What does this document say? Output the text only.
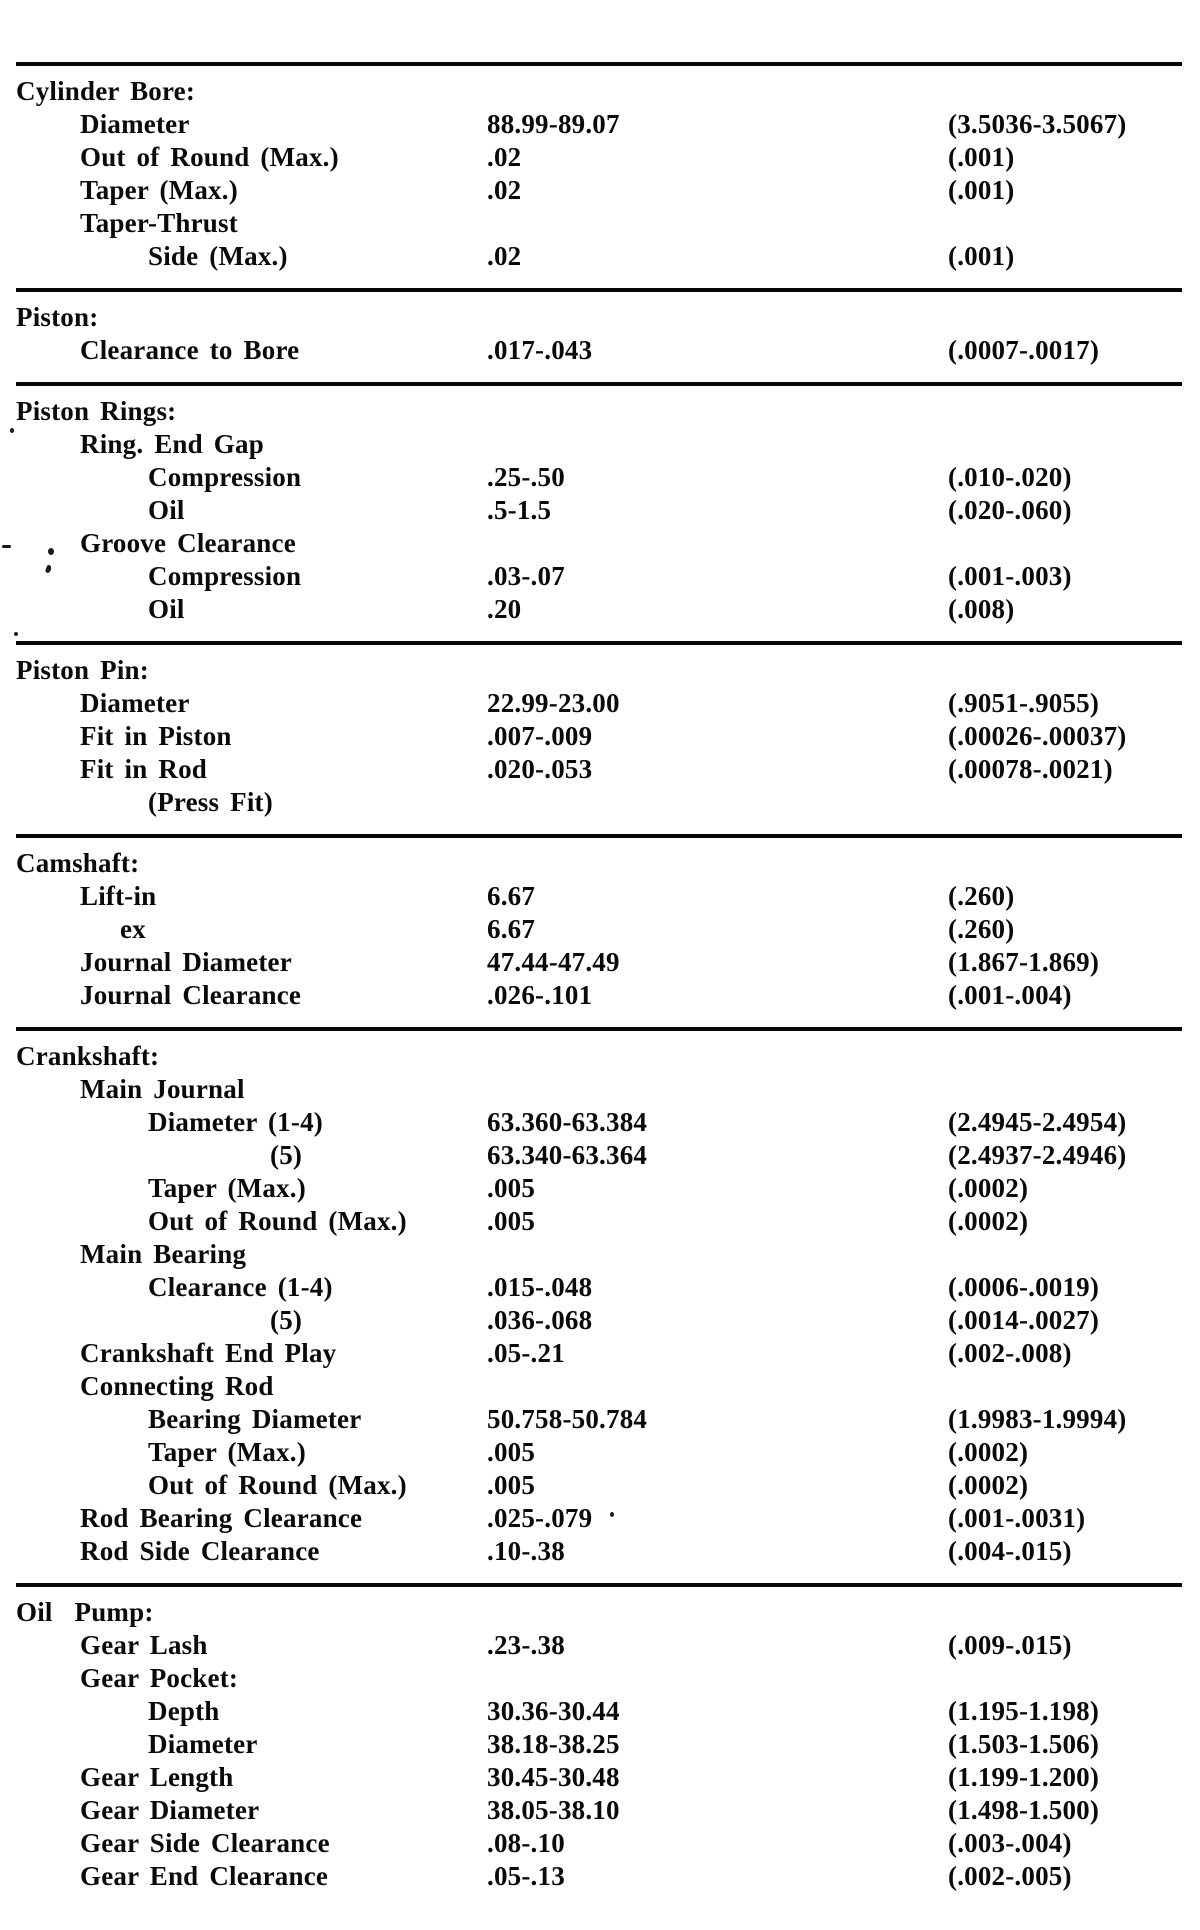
Cylinder Bore:
Diameter	88.99-89.07	(3.5036-3.5067)
Out of Round (Max.)	.02	(.001)
Taper (Max.)	.02	(.001)
Taper-Thrust
Side (Max.)	.02	(.001)
Piston:
Clearance to Bore	.017-.043	(.0007-.0017)
Piston Rings:
Ring. End Gap
Compression	.25-.50	(.010-.020)
Oil	.5-1.5	(.020-.060)
Groove Clearance
Compression	.03-.07	(.001-.003)
Oil	.20	(.008)
Piston Pin:
Diameter	22.99-23.00	(.9051-.9055)
Fit in Piston	.007-.009	(.00026-.00037)
Fit in Rod	.020-.053	(.00078-.0021)
(Press Fit)
Camshaft:
Lift-in	6.67	(.260)
ex	6.67	(.260)
Journal Diameter	47.44-47.49	(1.867-1.869)
Journal Clearance	.026-.101	(.001-.004)
Crankshaft:
Main Journal
Diameter (1-4)	63.360-63.384	(2.4945-2.4954)
(5)	63.340-63.364	(2.4937-2.4946)
Taper (Max.)	.005	(.0002)
Out of Round (Max.)	.005	(.0002)
Main Bearing
Clearance (1-4)	.015-.048	(.0006-.0019)
(5)	.036-.068	(.0014-.0027)
Crankshaft End Play	.05-.21	(.002-.008)
Connecting Rod
Bearing Diameter	50.758-50.784	(1.9983-1.9994)
Taper (Max.)	.005	(.0002)
Out of Round (Max.)	.005	(.0002)
Rod Bearing Clearance	.025-.079	(.001-.0031)
Rod Side Clearance	.10-.38	(.004-.015)
Oil  Pump:
Gear Lash	.23-.38	(.009-.015)
Gear Pocket:
Depth	30.36-30.44	(1.195-1.198)
Diameter	38.18-38.25	(1.503-1.506)
Gear Length	30.45-30.48	(1.199-1.200)
Gear Diameter	38.05-38.10	(1.498-1.500)
Gear Side Clearance	.08-.10	(.003-.004)
Gear End Clearance	.05-.13	(.002-.005)
